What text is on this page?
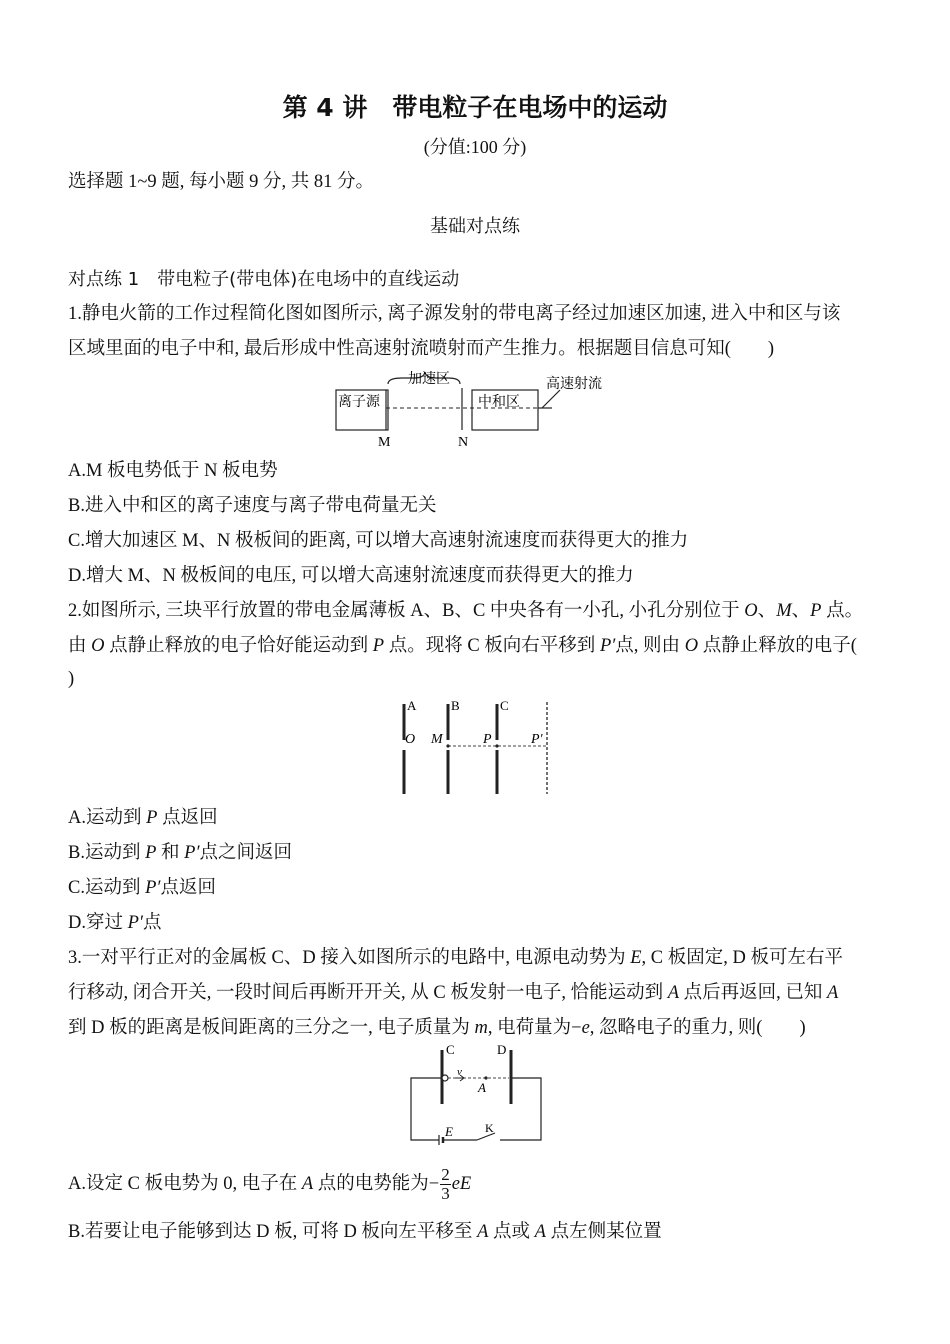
第 4 讲　带电粒子在电场中的运动
(分值:100 分)
选择题 1~9 题, 每小题 9 分, 共 81 分。
基础对点练
对点练 1　带电粒子(带电体)在电场中的直线运动
1.静电火箭的工作过程简化图如图所示, 离子源发射的带电离子经过加速区加速, 进入中和区与该
区域里面的电子中和, 最后形成中性高速射流喷射而产生推力。根据题目信息可知(　　)
加速区
离子源	中和区
高速射流
M	N
A.M 板电势低于 N 板电势
B.进入中和区的离子速度与离子带电荷量无关
C.增大加速区 M、N 极板间的距离, 可以增大高速射流速度而获得更大的推力
D.增大 M、N 极板间的电压, 可以增大高速射流速度而获得更大的推力
2.如图所示, 三块平行放置的带电金属薄板 A、B、C 中央各有一小孔, 小孔分别位于 O、M、P 点。
由 O 点静止释放的电子恰好能运动到 P 点。现将 C 板向右平移到 P′点, 则由 O 点静止释放的电子(
)
A	B	C
O M	P	P′
A.运动到 P 点返回
B.运动到 P 和 P′点之间返回
C.运动到 P′点返回
D.穿过 P′点
3.一对平行正对的金属板 C、D 接入如图所示的电路中, 电源电动势为 E, C 板固定, D 板可左右平
行移动, 闭合开关, 一段时间后再断开开关, 从 C 板发射一电子, 恰能运动到 A 点后再返回, 已知 A
到 D 板的距离是板间距离的三分之一, 电子质量为 m, 电荷量为−e, 忽略电子的重力, 则(　　)
C	D
v
A
E	K
A.设定 C 板电势为 0, 电子在 A 点的电势能为− $\frac{2}{3}$ eE
B.若要让电子能够到达 D 板, 可将 D 板向左平移至 A 点或 A 点左侧某位置
